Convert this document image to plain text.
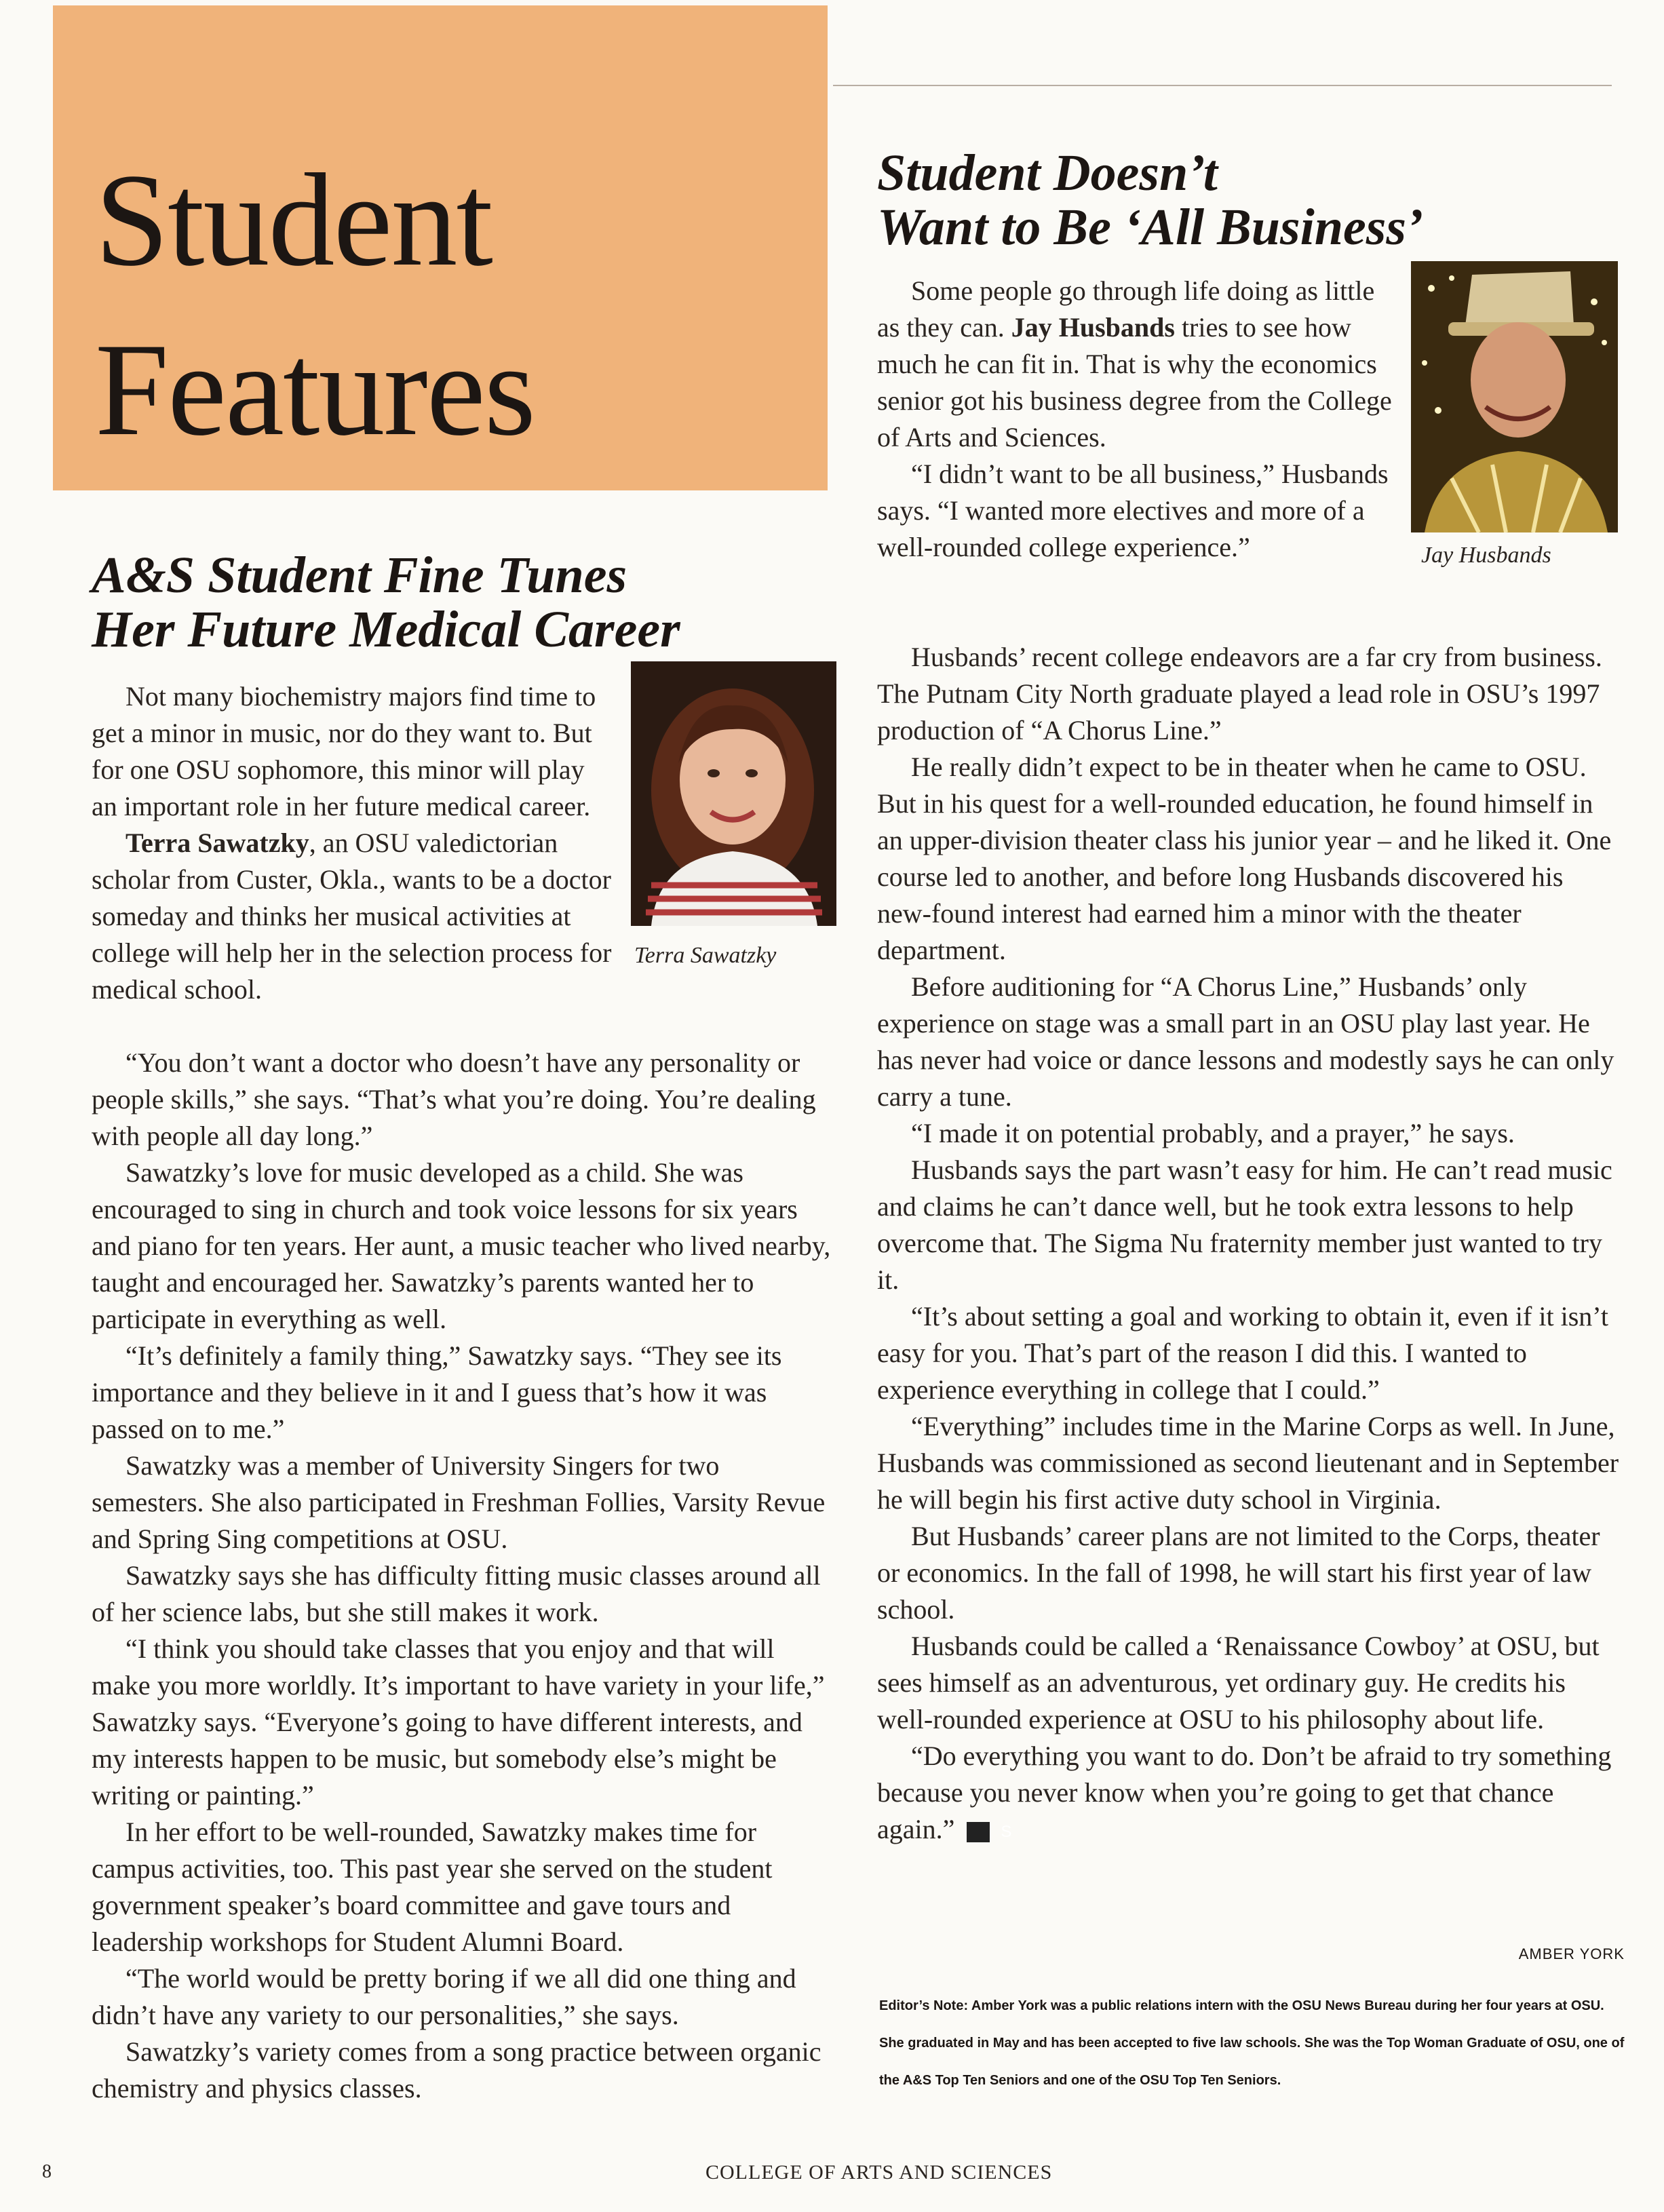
Student
Features
A&S Student Fine Tunes
Her Future Medical Career
Terra Sawatzky

Not many biochemistry majors find time to get a minor in music, nor do they want to. But for one OSU sophomore, this minor will play an important role in her future medical career.

Terra Sawatzky, an OSU valedictorian scholar from Custer, Okla., wants to be a doctor someday and thinks her musical activities at college will help her in the selection process for medical school.

“You don’t want a doctor who doesn’t have any personality or people skills,” she says. “That’s what you’re doing. You’re dealing with people all day long.”

Sawatzky’s love for music developed as a child. She was encouraged to sing in church and took voice lessons for six years and piano for ten years. Her aunt, a music teacher who lived nearby, taught and encouraged her. Sawatzky’s parents wanted her to participate in everything as well.

“It’s definitely a family thing,” Sawatzky says. “They see its importance and they believe in it and I guess that’s how it was passed on to me.”

Sawatzky was a member of University Singers for two semesters. She also participated in Freshman Follies, Varsity Revue and Spring Sing competitions at OSU.

Sawatzky says she has difficulty fitting music classes around all of her science labs, but she still makes it work.

“I think you should take classes that you enjoy and that will make you more worldly. It’s important to have variety in your life,” Sawatzky says. “Everyone’s going to have different interests, and my interests happen to be music, but somebody else’s might be writing or painting.”

In her effort to be well-rounded, Sawatzky makes time for campus activities, too. This past year she served on the student government speaker’s board committee and gave tours and leadership workshops for Student Alumni Board.

“The world would be pretty boring if we all did one thing and didn’t have any variety to our personalities,” she says.

Sawatzky’s variety comes from a song practice between organic chemistry and physics classes.

Student Doesn’t
Want to Be ‘All Business’
Jay Husbands

Some people go through life doing as little as they can. Jay Husbands tries to see how much he can fit in. That is why the economics senior got his business degree from the College of Arts and Sciences.

“I didn’t want to be all business,” Husbands says. “I wanted more electives and more of a well-rounded college experience.”

Husbands’ recent college endeavors are a far cry from business. The Putnam City North graduate played a lead role in OSU’s 1997 production of “A Chorus Line.”

He really didn’t expect to be in theater when he came to OSU. But in his quest for a well-rounded education, he found himself in an upper-division theater class his junior year – and he liked it. One course led to another, and before long Husbands discovered his new-found interest had earned him a minor with the theater department.

Before auditioning for “A Chorus Line,” Husbands’ only experience on stage was a small part in an OSU play last year. He has never had voice or dance lessons and modestly says he can only carry a tune.

“I made it on potential probably, and a prayer,” he says.

Husbands says the part wasn’t easy for him. He can’t read music and claims he can’t dance well, but he took extra lessons to help overcome that. The Sigma Nu fraternity member just wanted to try it.

“It’s about setting a goal and working to obtain it, even if it isn’t easy for you. That’s part of the reason I did this. I wanted to experience everything in college that I could.”

“Everything” includes time in the Marine Corps as well. In June, Husbands was commissioned as second lieutenant and in September he will begin his first active duty school in Virginia.

But Husbands’ career plans are not limited to the Corps, theater or economics. In the fall of 1998, he will start his first year of law school.

Husbands could be called a ‘Renaissance Cowboy’ at OSU, but sees himself as an adventurous, yet ordinary guy. He credits his well-rounded experience at OSU to his philosophy about life.

“Do everything you want to do. Don’t be afraid to try something because you never know when you’re going to get that chance again.”	S

AMBER YORK
Editor’s Note: Amber York was a public relations intern with the OSU News Bureau during her four years at OSU. She graduated in May and has been accepted to five law schools. She was the Top Woman Graduate of OSU, one of the A&S Top Ten Seniors and one of the OSU Top Ten Seniors.
8	COLLEGE OF ARTS AND SCIENCES
